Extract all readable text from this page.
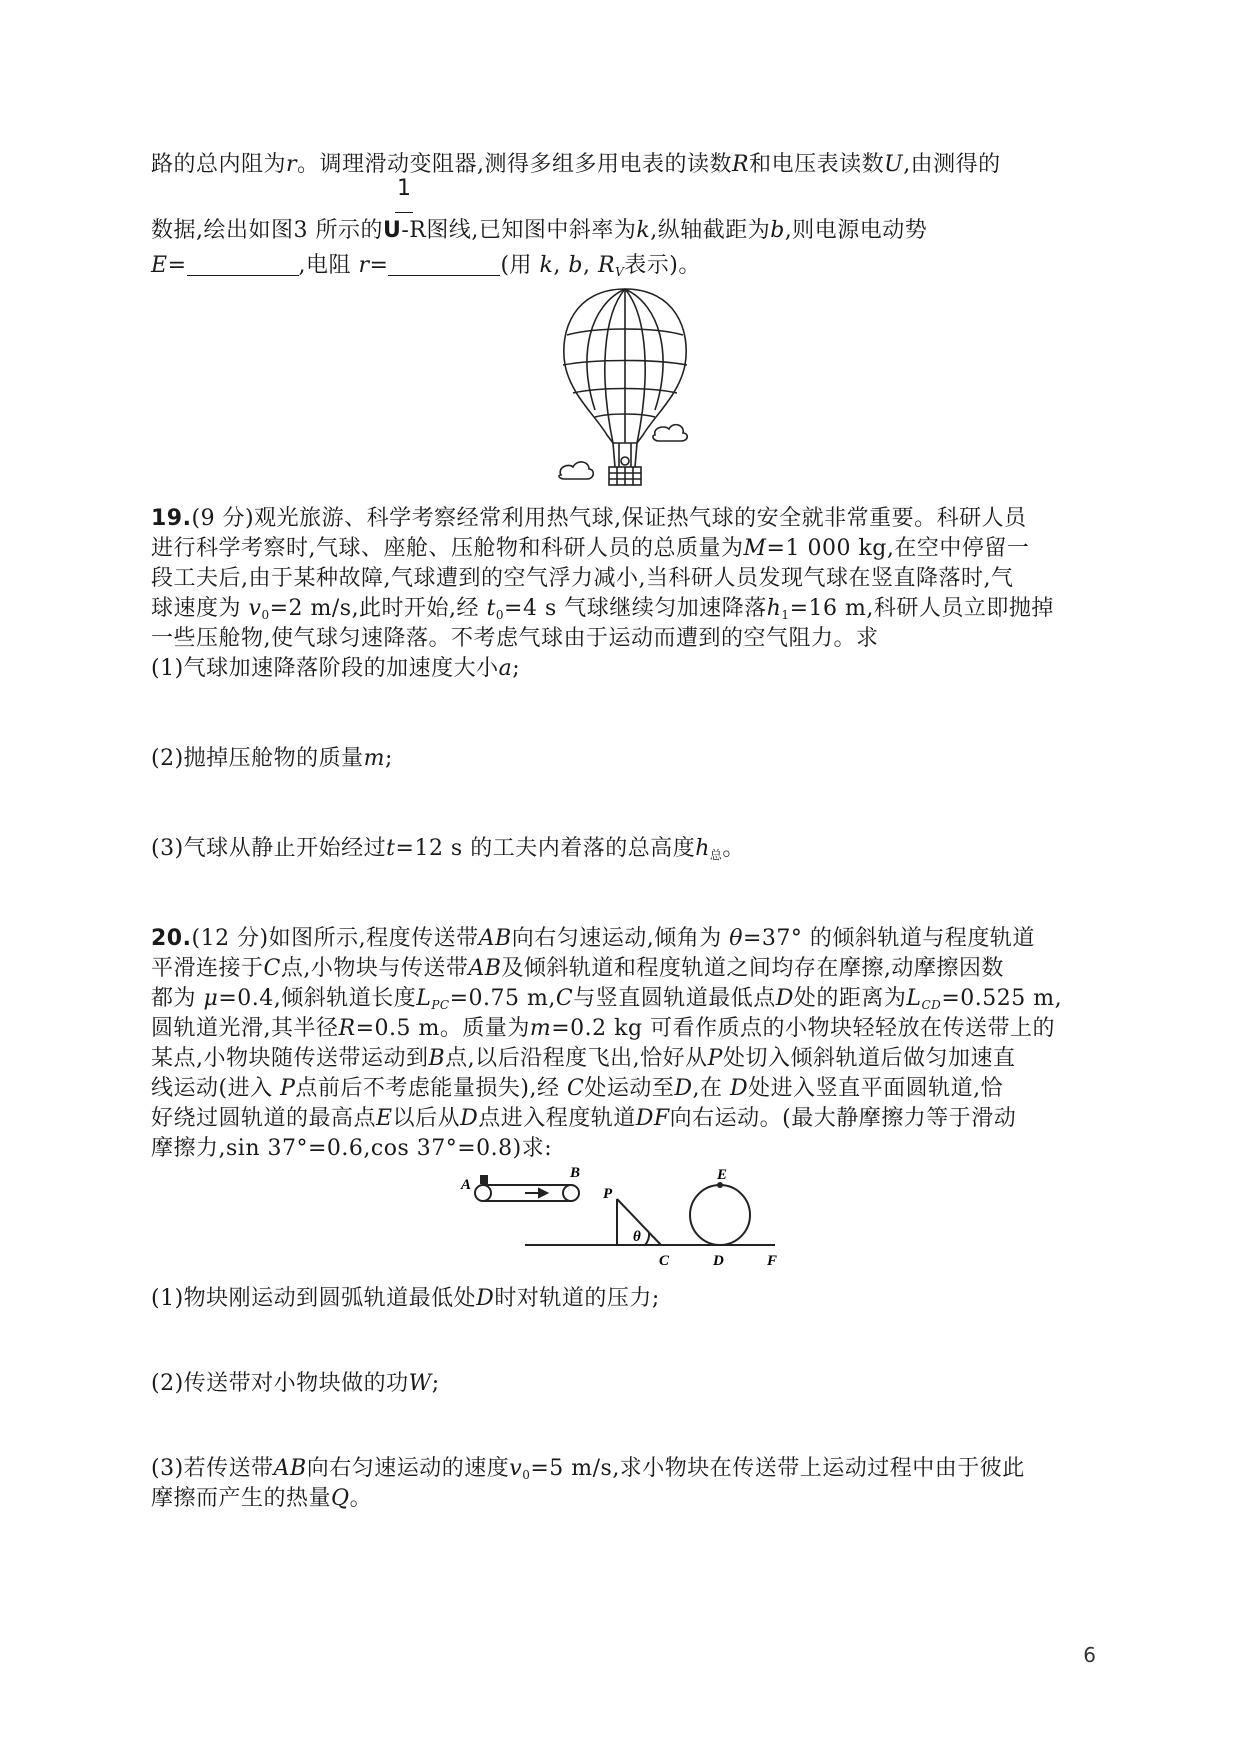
路的总内阻为r。调理滑动变阻器,测得多组多用电表的读数R和电压表读数U,由测得的
1
数据,绘出如图3 所示的U-R图线,已知图中斜率为k,纵轴截距为b,则电源电动势
E=	,电阻 r=	(用 k, b, $R_V$表示)。
19.(9 分)观光旅游、科学考察经常利用热气球,保证热气球的安全就非常重要。科研人员
进行科学考察时,气球、座舱、压舱物和科研人员的总质量为M=1 000 kg,在空中停留一
段工夫后,由于某种故障,气球遭到的空气浮力减小,当科研人员发现气球在竖直降落时,气
球速度为 $v_0=2$ m/s,此时开始,经 $t_0=4$ s 气球继续匀加速降落$h_1=16$ m,科研人员立即抛掉
一些压舱物,使气球匀速降落。不考虑气球由于运动而遭到的空气阻力。求
(1)气球加速降落阶段的加速度大小a;
(2)抛掉压舱物的质量m;
(3)气球从静止开始经过t=12 s 的工夫内着落的总高度$h_总$。
20.(12 分)如图所示,程度传送带AB向右匀速运动,倾角为 θ=37° 的倾斜轨道与程度轨道
平滑连接于C点,小物块与传送带AB及倾斜轨道和程度轨道之间均存在摩擦,动摩擦因数
都为 μ=0.4,倾斜轨道长度$L_{PC}=0.75$ m,C与竖直圆轨道最低点D处的距离为$L_{CD}=0.525$ m,
圆轨道光滑,其半径R=0.5 m。质量为m=0.2 kg 可看作质点的小物块轻轻放在传送带上的
某点,小物块随传送带运动到B点,以后沿程度飞出,恰好从P处切入倾斜轨道后做匀加速直
线运动(进入 P点前后不考虑能量损失),经 C处运动至D,在 D处进入竖直平面圆轨道,恰
好绕过圆轨道的最高点E以后从D点进入程度轨道DF向右运动。(最大静摩擦力等于滑动
摩擦力,sin 37°=0.6,cos 37°=0.8)求:
A
B
P
θ
C	D
E
F
(1)物块刚运动到圆弧轨道最低处D时对轨道的压力;
(2)传送带对小物块做的功W;
(3)若传送带AB向右匀速运动的速度$v_0=5$ m/s,求小物块在传送带上运动过程中由于彼此
摩擦而产生的热量Q。
6
